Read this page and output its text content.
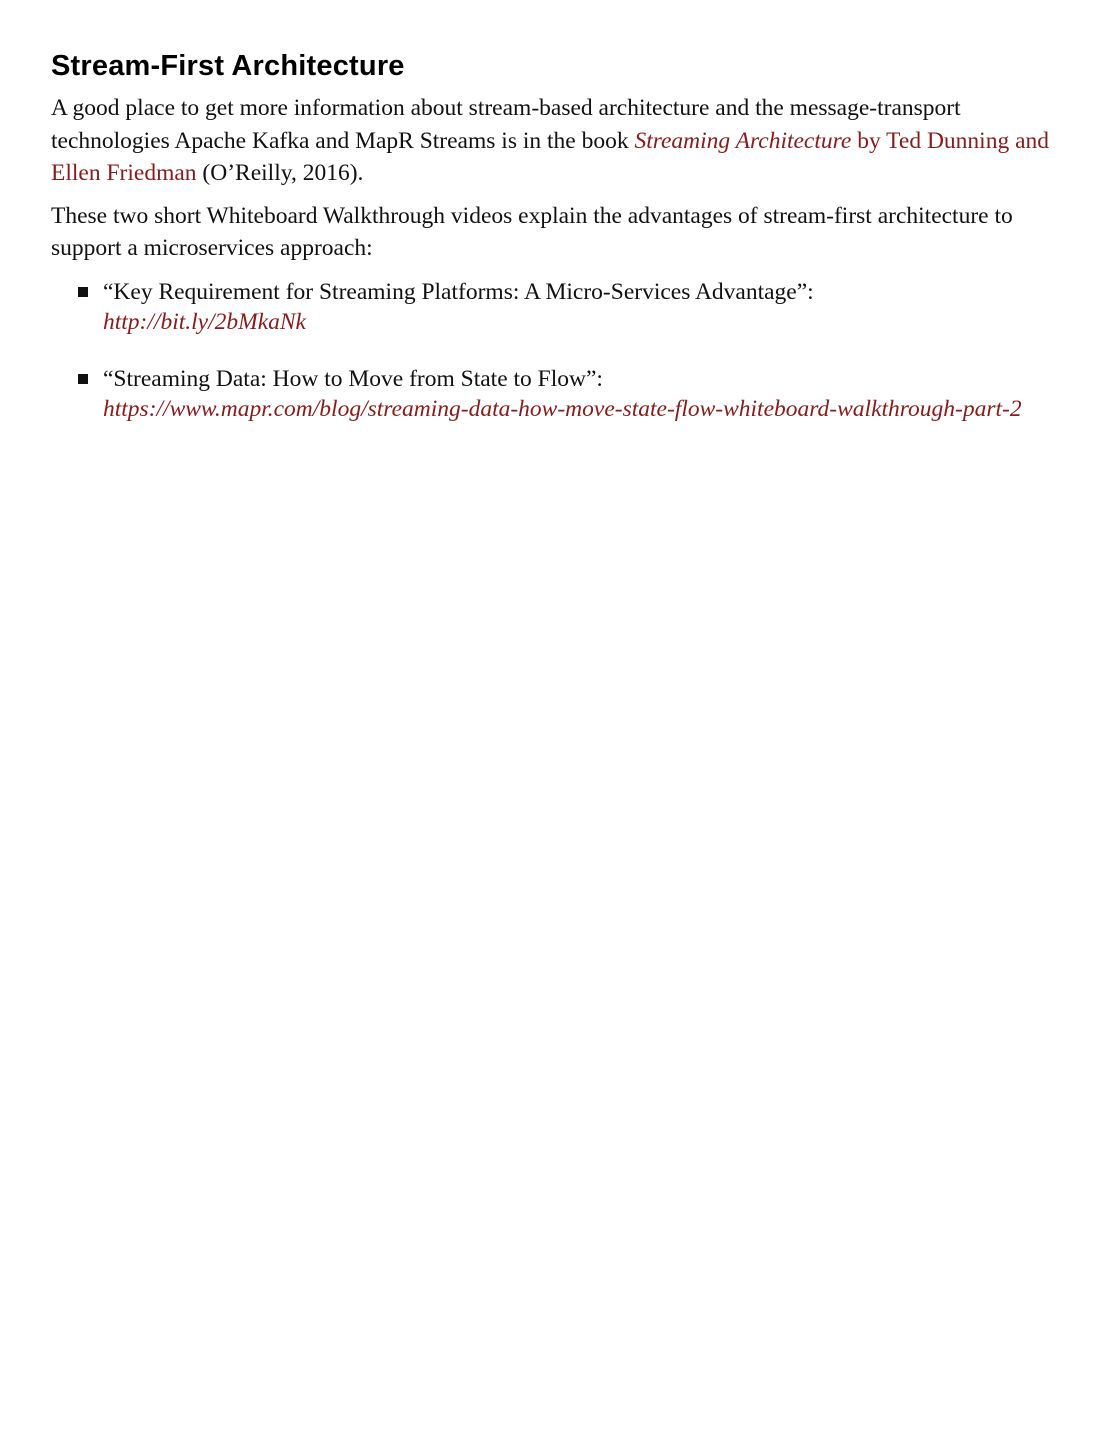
Stream-First Architecture

A good place to get more information about stream-based architecture and the message-transport technologies Apache Kafka and MapR Streams is in the book Streaming Architecture by Ted Dunning and Ellen Friedman (O’Reilly, 2016).

These two short Whiteboard Walkthrough videos explain the advantages of stream-first architecture to support a microservices approach:

“Key Requirement for Streaming Platforms: A Micro-Services Advantage”:
http://bit.ly/2bMkaNk
“Streaming Data: How to Move from State to Flow”:
https://www.mapr.com/blog/streaming-data-how-move-state-flow-whiteboard-walkthrough-part-2
